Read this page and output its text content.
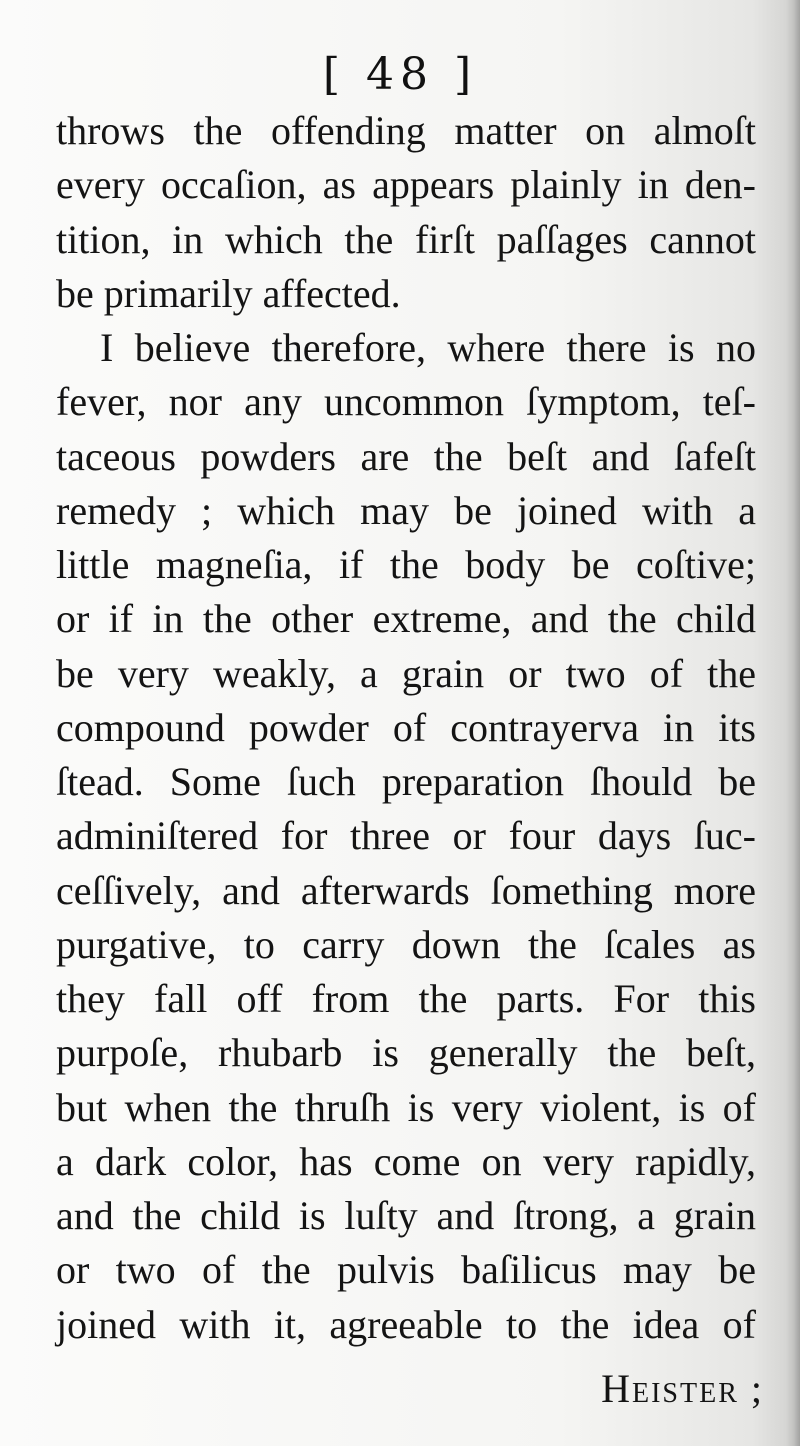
[ 48 ]
throws the offending matter on almoſt
every occaſion, as appears plainly in den-
tition, in which the firſt paſſages cannot
be primarily affected.
I believe therefore, where there is no
fever, nor any uncommon ſymptom, teſ-
taceous powders are the beſt and ſafeſt
remedy ; which may be joined with a
little magneſia, if the body be coſtive;
or if in the other extreme, and the child
be very weakly, a grain or two of the
compound powder of contrayerva in its
ſtead. Some ſuch preparation ſhould be
adminiſtered for three or four days ſuc-
ceſſively, and afterwards ſomething more
purgative, to carry down the ſcales as
they fall off from the parts. For this
purpoſe, rhubarb is generally the beſt,
but when the thruſh is very violent, is of
a dark color, has come on very rapidly,
and the child is luſty and ſtrong, a grain
or two of the pulvis baſilicus may be
joined with it, agreeable to the idea of
Heister ;
